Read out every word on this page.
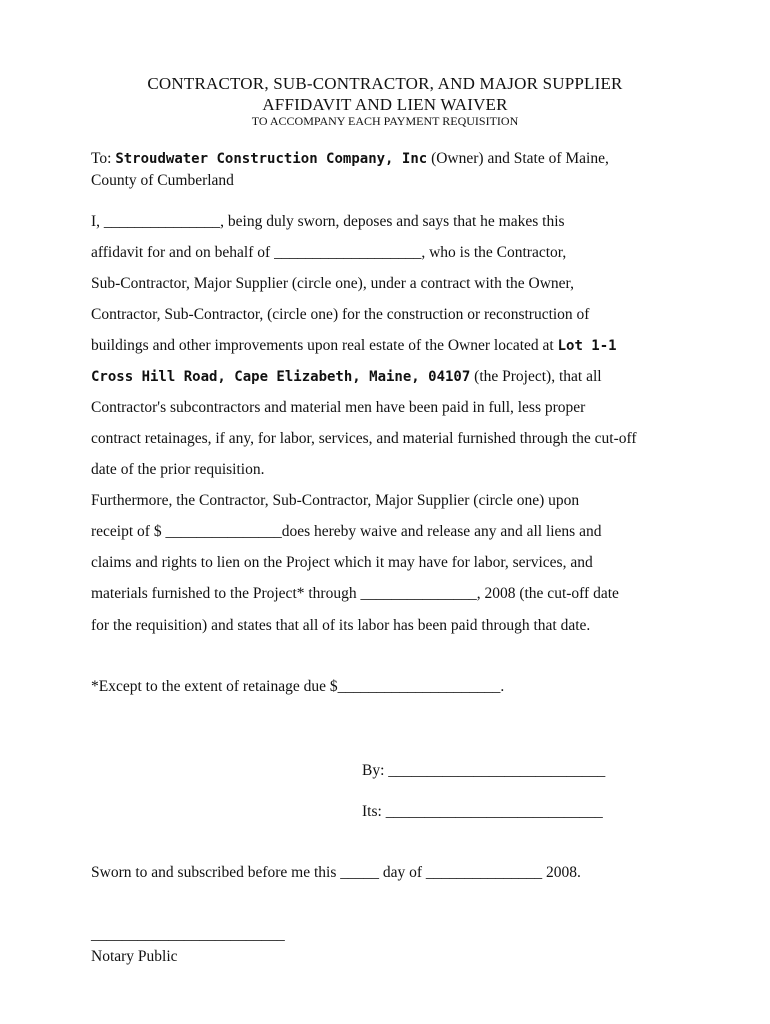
CONTRACTOR, SUB-CONTRACTOR, AND MAJOR SUPPLIER
AFFIDAVIT AND LIEN WAIVER
TO ACCOMPANY EACH PAYMENT REQUISITION
To: Stroudwater Construction Company, Inc (Owner) and State of Maine,
County of Cumberland
I, _______________, being duly sworn, deposes and says that he makes this
affidavit for and on behalf of ___________________, who is the Contractor,
Sub-Contractor, Major Supplier (circle one), under a contract with the Owner,
Contractor, Sub-Contractor, (circle one) for the construction or reconstruction of
buildings and other improvements upon real estate of the Owner located at Lot 1-1
Cross Hill Road, Cape Elizabeth, Maine, 04107 (the Project), that all
Contractor's subcontractors and material men have been paid in full, less proper
contract retainages, if any, for labor, services, and material furnished through the cut-off
date of the prior requisition.
Furthermore, the Contractor, Sub-Contractor, Major Supplier (circle one) upon
receipt of $ _______________does hereby waive and release any and all liens and
claims and rights to lien on the Project which it may have for labor, services, and
materials furnished to the Project* through _______________, 2008 (the cut-off date
for the requisition) and states that all of its labor has been paid through that date.
*Except to the extent of retainage due $_____________________.
By: ____________________________
Its: ____________________________
Sworn to and subscribed before me this _____ day of _______________ 2008.
_________________________
Notary Public
